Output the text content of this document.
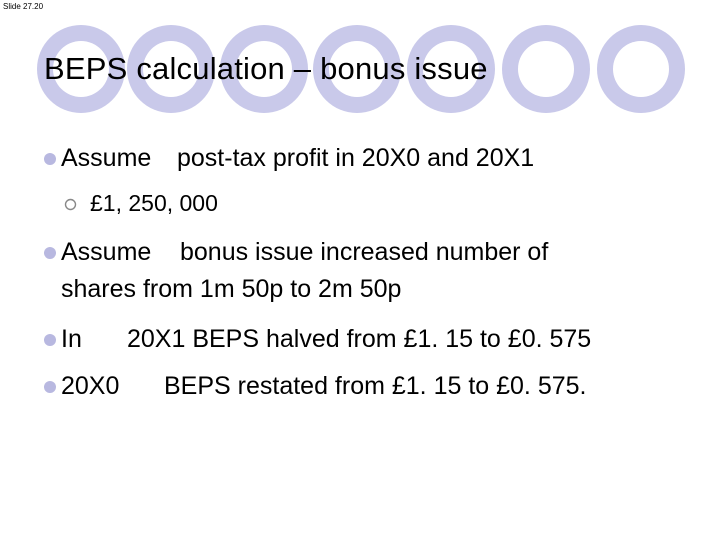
Slide 27.20
BEPS calculation – bonus issue
Assume post-tax profit in 20X0 and 20X1
£1, 250, 000
Assume bonus issue increased number of
shares from 1m 50p to 2m 50p
In 20X1 BEPS halved from £1. 15 to £0. 575
20X0 BEPS restated from £1. 15 to £0. 575.
